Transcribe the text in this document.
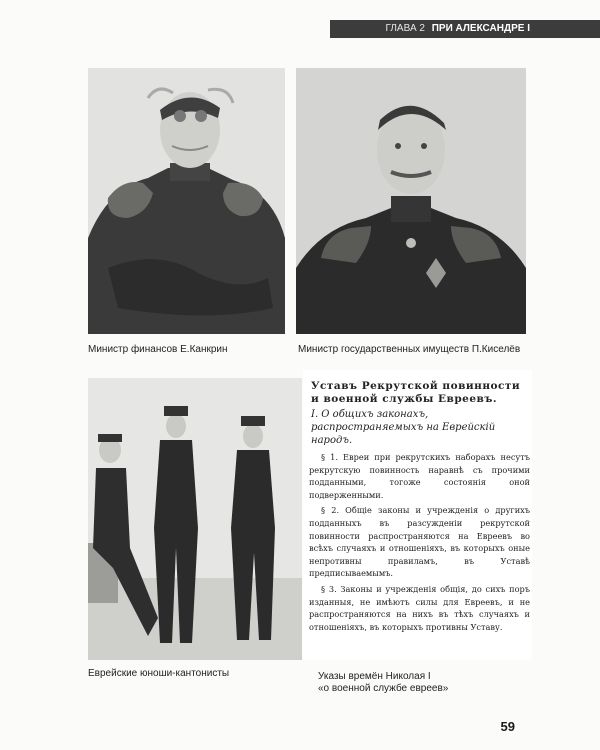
ГЛАВА 2 ПРИ АЛЕКСАНДРЕ I
Министр финансов Е.Канкрин	Министр государственных имуществ П.Киселёв
Еврейские юноши-кантонисты
Уставъ Рекрутской повинности и военной службы Евреевъ.
I. О общихъ законахъ, распространяемыхъ на Еврейскій народъ.

§ 1. Евреи при рекрутскихъ наборахъ несутъ рекрутскую повинность наравнѣ съ прочими подданными, тогоже состоянія оной подверженными.

§ 2. Общіе законы и учрежденія о другихъ подданныхъ въ разсужденіи рекрутской повинности распространяются на Евреевъ во всѣхъ случаяхъ и отношеніяхъ, въ которыхъ оные непротивны правиламъ, въ Уставѣ предписываемымъ.

§ 3. Законы и учрежденія общія, до сихъ поръ изданныя, не имѣютъ силы для Евреевъ, и не распространяются на нихъ въ тѣхъ случаяхъ и отношеніяхъ, въ которыхъ противны Уставу.

Указы времён Николая I
«о военной службе евреев»
59
